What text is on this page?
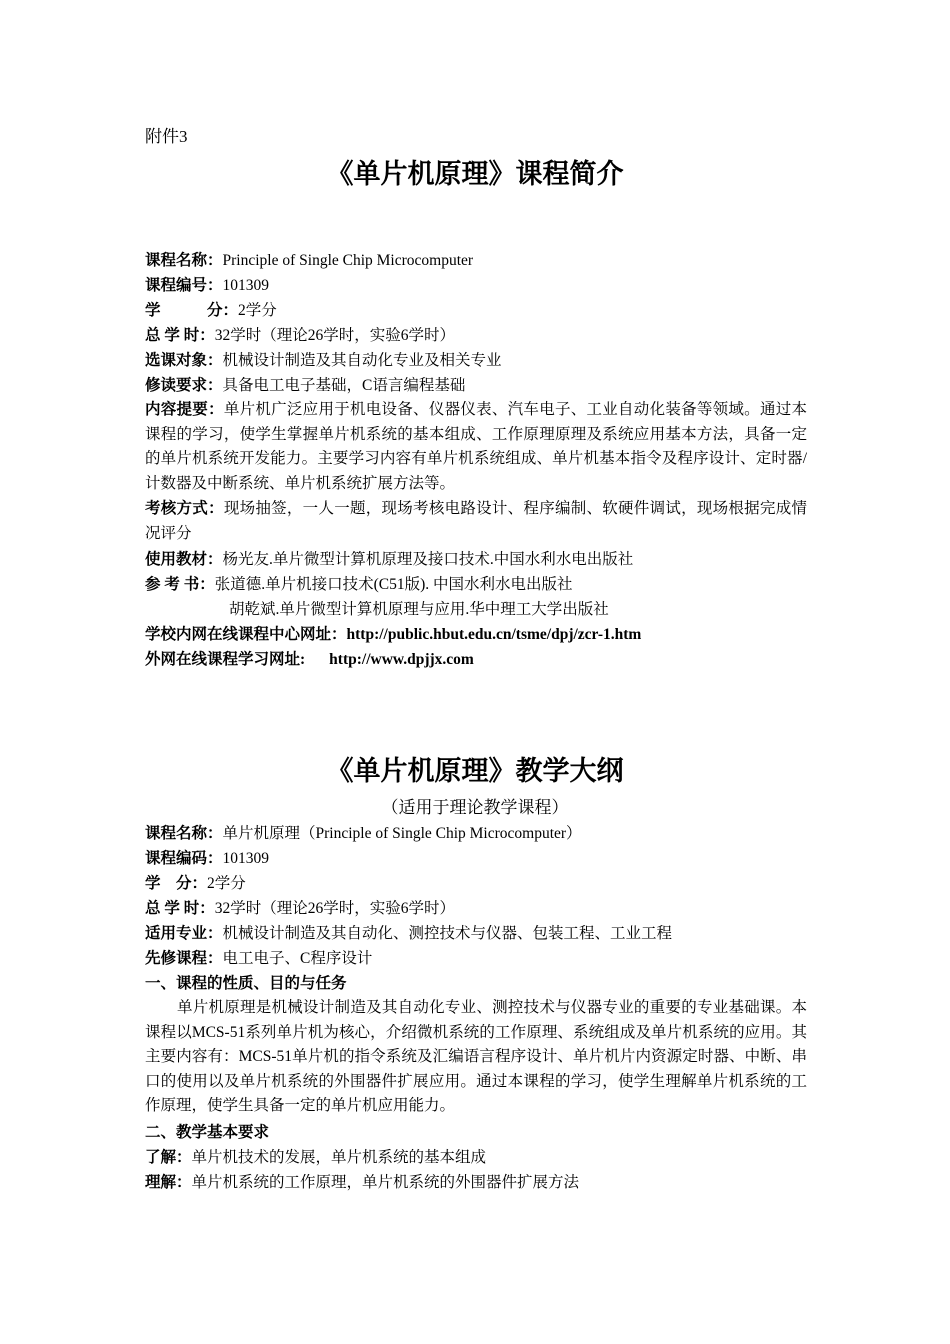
附件3
《单片机原理》课程简介
课程名称：Principle of Single Chip Microcomputer
课程编号：101309
学            分：2学分
总 学 时：32学时（理论26学时，实验6学时）
选课对象：机械设计制造及其自动化专业及相关专业
修读要求：具备电工电子基础，C语言编程基础
内容提要：单片机广泛应用于机电设备、仪器仪表、汽车电子、工业自动化装备等领域。通过本课程的学习，使学生掌握单片机系统的基本组成、工作原理原理及系统应用基本方法，具备一定的单片机系统开发能力。主要学习内容有单片机系统组成、单片机基本指令及程序设计、定时器/计数器及中断系统、单片机系统扩展方法等。
考核方式：现场抽签，一人一题，现场考核电路设计、程序编制、软硬件调试，现场根据完成情况评分
使用教材：杨光友.单片微型计算机原理及接口技术.中国水利水电出版社
参 考 书：张道德.单片机接口技术(C51版). 中国水利水电出版社
胡乾斌.单片微型计算机原理与应用.华中理工大学出版社
学校内网在线课程中心网址：http://public.hbut.edu.cn/tsme/dpj/zcr-1.htm
外网在线课程学习网址: http://www.dpjjx.com
《单片机原理》教学大纲
（适用于理论教学课程）
课程名称：单片机原理（Principle of Single Chip Microcomputer）
课程编码：101309
学    分：2学分
总 学 时：32学时（理论26学时，实验6学时）
适用专业：机械设计制造及其自动化、测控技术与仪器、包装工程、工业工程
先修课程：电工电子、C程序设计
一、课程的性质、目的与任务
单片机原理是机械设计制造及其自动化专业、测控技术与仪器专业的重要的专业基础课。本课程以MCS-51系列单片机为核心，介绍微机系统的工作原理、系统组成及单片机系统的应用。其主要内容有：MCS-51单片机的指令系统及汇编语言程序设计、单片机片内资源定时器、中断、串口的使用以及单片机系统的外围器件扩展应用。通过本课程的学习，使学生理解单片机系统的工作原理，使学生具备一定的单片机应用能力。
二、教学基本要求
了解：单片机技术的发展，单片机系统的基本组成
理解：单片机系统的工作原理，单片机系统的外围器件扩展方法
